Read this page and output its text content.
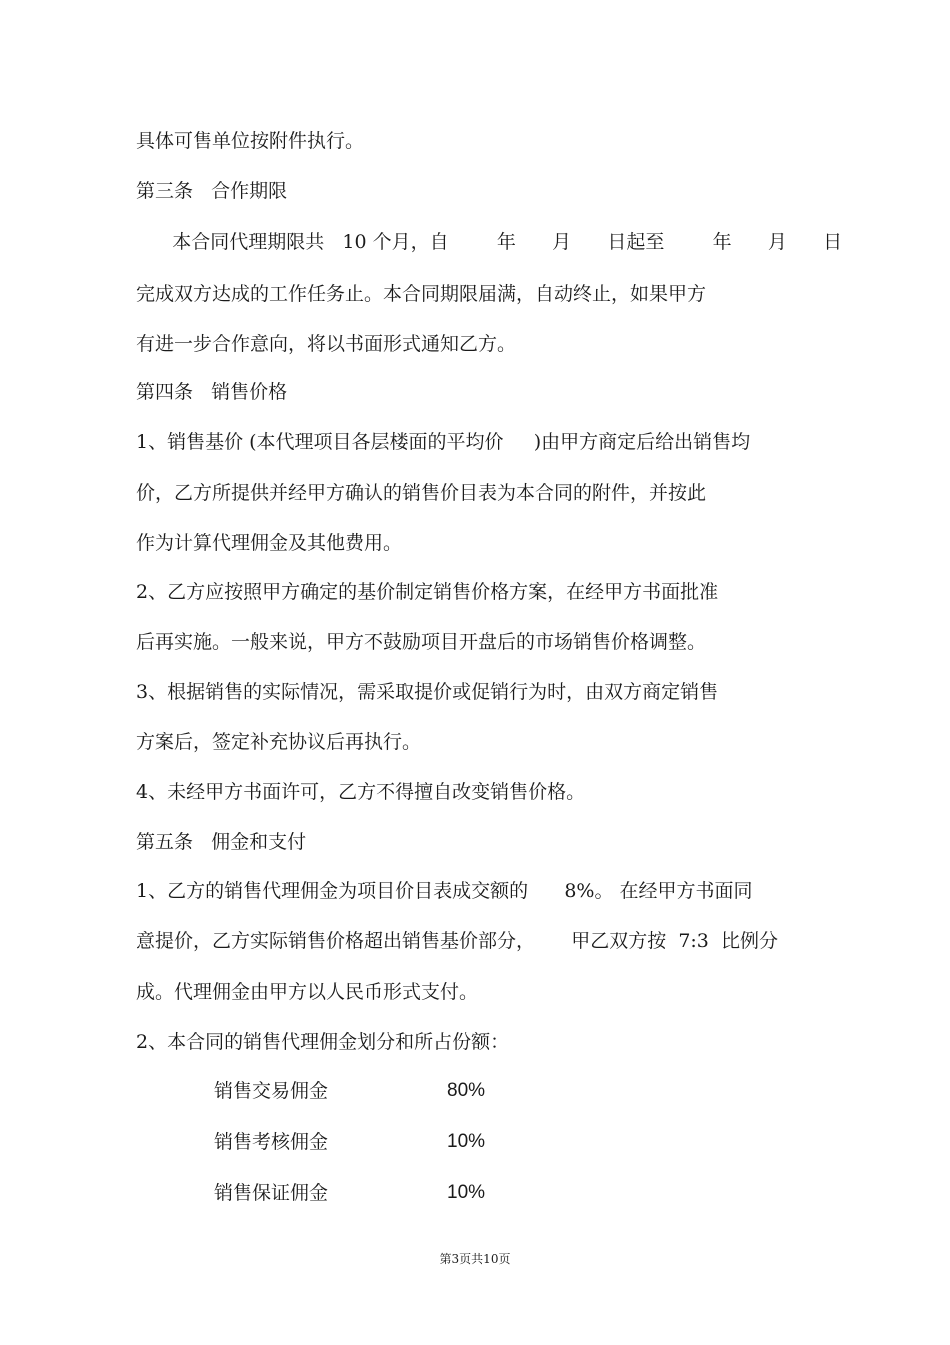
具体可售单位按附件执行。
第三条   合作期限
本合同代理期限共   10 个月，自        年      月      日起至        年      月      日
完成双方达成的工作任务止。本合同期限届满，自动终止，如果甲方
有进一步合作意向，将以书面形式通知乙方。
第四条   销售价格
1、销售基价 (本代理项目各层楼面的平均价     )由甲方商定后给出销售均
价，乙方所提供并经甲方确认的销售价目表为本合同的附件，并按此
作为计算代理佣金及其他费用。
2、乙方应按照甲方确定的基价制定销售价格方案，在经甲方书面批准
后再实施。一般来说，甲方不鼓励项目开盘后的市场销售价格调整。
3、根据销售的实际情况，需采取提价或促销行为时，由双方商定销售
方案后，签定补充协议后再执行。
4、未经甲方书面许可，乙方不得擅自改变销售价格。
第五条   佣金和支付
1、乙方的销售代理佣金为项目价目表成交额的      8%。 在经甲方书面同
意提价，乙方实际销售价格超出销售基价部分，      甲乙双方按  7:3  比例分
成。代理佣金由甲方以人民币形式支付。
2、本合同的销售代理佣金划分和所占份额：
销售交易佣金	80%
销售考核佣金	10%
销售保证佣金	10%
第3页共10页
